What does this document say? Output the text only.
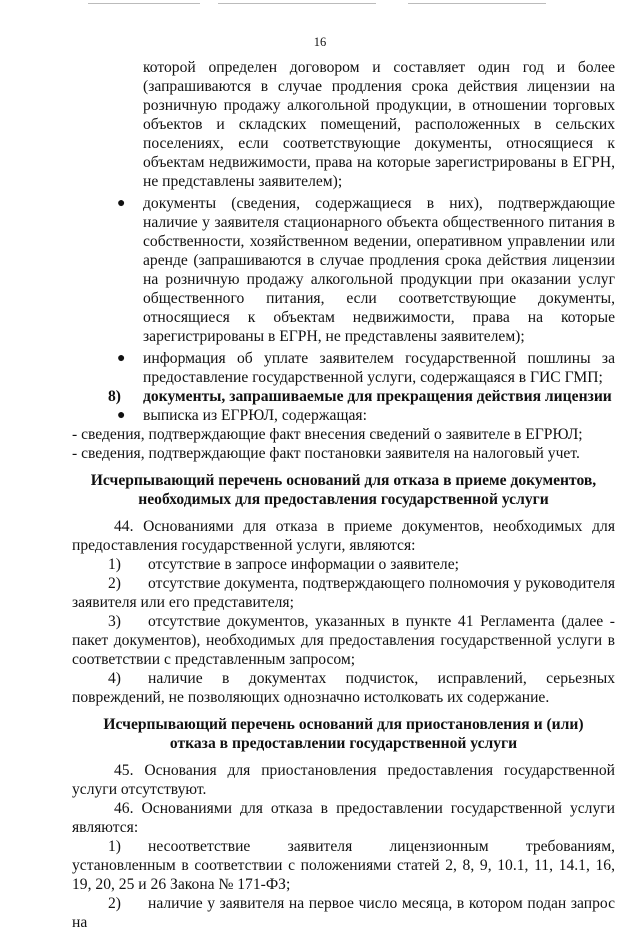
16

которой определен договором и составляет один год и более (запрашиваются в случае продления срока действия лицензии на розничную продажу алкогольной продукции, в отношении торговых объектов и складских помещений, расположенных в сельских поселениях, если соответствующие документы, относящиеся к объектам недвижимости, права на которые зарегистрированы в ЕГРН, не представлены заявителем);

● документы (сведения, содержащиеся в них), подтверждающие наличие у заявителя стационарного объекта общественного питания в собственности, хозяйственном ведении, оперативном управлении или аренде (запрашиваются в случае продления срока действия лицензии на розничную продажу алкогольной продукции при оказании услуг общественного питания, если соответствующие документы, относящиеся к объектам недвижимости, права на которые зарегистрированы в ЕГРН, не представлены заявителем);

● информация об уплате заявителем государственной пошлины за предоставление государственной услуги, содержащаяся в ГИС ГМП;

8) документы, запрашиваемые для прекращения действия лицензии
● выписка из ЕГРЮЛ, содержащая:

- сведения, подтверждающие факт внесения сведений о заявителе в ЕГРЮЛ;

- сведения, подтверждающие факт постановки заявителя на налоговый учет.

Исчерпывающий перечень оснований для отказа в приеме документов, необходимых для предоставления государственной услуги

44. Основаниями для отказа в приеме документов, необходимых для предоставления государственной услуги, являются:

1) отсутствие в запросе информации о заявителе;

2) отсутствие документа, подтверждающего полномочия у руководителя заявителя или его представителя;

3) отсутствие документов, указанных в пункте 41 Регламента (далее - пакет документов), необходимых для предоставления государственной услуги в соответствии с представленным запросом;

4) наличие в документах подчисток, исправлений, серьезных повреждений, не позволяющих однозначно истолковать их содержание.

Исчерпывающий перечень оснований для приостановления и (или) отказа в предоставлении государственной услуги

45. Основания для приостановления предоставления государственной услуги отсутствуют.

46. Основаниями для отказа в предоставлении государственной услуги являются:

1) несоответствие заявителя лицензионным требованиям, установленным в соответствии с положениями статей 2, 8, 9, 10.1, 11, 14.1, 16, 19, 20, 25 и 26 Закона № 171-ФЗ;

2) наличие у заявителя на первое число месяца, в котором подан запрос на
